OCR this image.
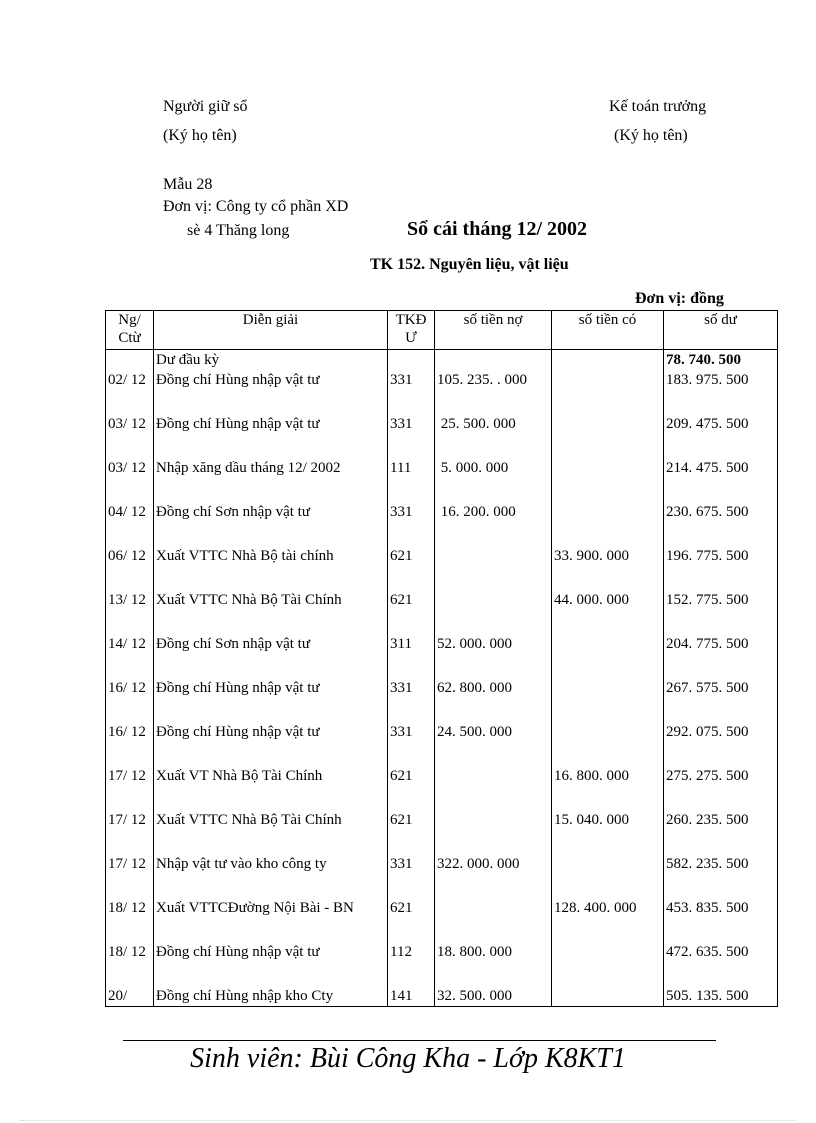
Người giữ sổ
(Ký họ tên)
Kế toán trưởng
(Ký họ tên)
Mẫu 28
Đơn vị: Công ty cổ phần XD
sè 4 Thăng long	Sổ cái tháng 12/ 2002
TK 152. Nguyên liệu, vật liệu
Đơn vị: đồng
Ng/ Ctừ	Diễn giải	TKĐ Ư	số tiền nợ	số tiền có	số dư
	Dư đầu kỳ				78. 740. 500
02/ 12	Đồng chí Hùng nhập vật tư	331	105. 235. . 000		183. 975. 500
03/ 12	Đồng chí Hùng nhập vật tư	331	25. 500. 000		209. 475. 500
03/ 12	Nhập xăng dầu tháng 12/ 2002	111	5. 000. 000		214. 475. 500
04/ 12	Đồng chí Sơn nhập vật tư	331	16. 200. 000		230. 675. 500
06/ 12	Xuất VTTC Nhà Bộ tài chính	621		33. 900. 000	196. 775. 500
13/ 12	Xuất VTTC Nhà Bộ Tài Chính	621		44. 000. 000	152. 775. 500
14/ 12	Đồng chí Sơn nhập vật tư	311	52. 000. 000		204. 775. 500
16/ 12	Đồng chí Hùng nhập vật tư	331	62. 800. 000		267. 575. 500
16/ 12	Đồng chí Hùng nhập vật tư	331	24. 500. 000		292. 075. 500
17/ 12	Xuất VT Nhà Bộ Tài Chính	621		16. 800. 000	275. 275. 500
17/ 12	Xuất VTTC Nhà Bộ Tài Chính	621		15. 040. 000	260. 235. 500
17/ 12	Nhập vật tư vào kho công ty	331	322. 000. 000		582. 235. 500
18/ 12	Xuất VTTCĐường Nội Bài - BN	621		128. 400. 000	453. 835. 500
18/ 12	Đồng chí Hùng nhập vật tư	112	18. 800. 000		472. 635. 500
20/	Đồng chí Hùng nhập kho Cty	141	32. 500. 000		505. 135. 500
Sinh viên: Bùi Công Kha - Lớp K8KT1
